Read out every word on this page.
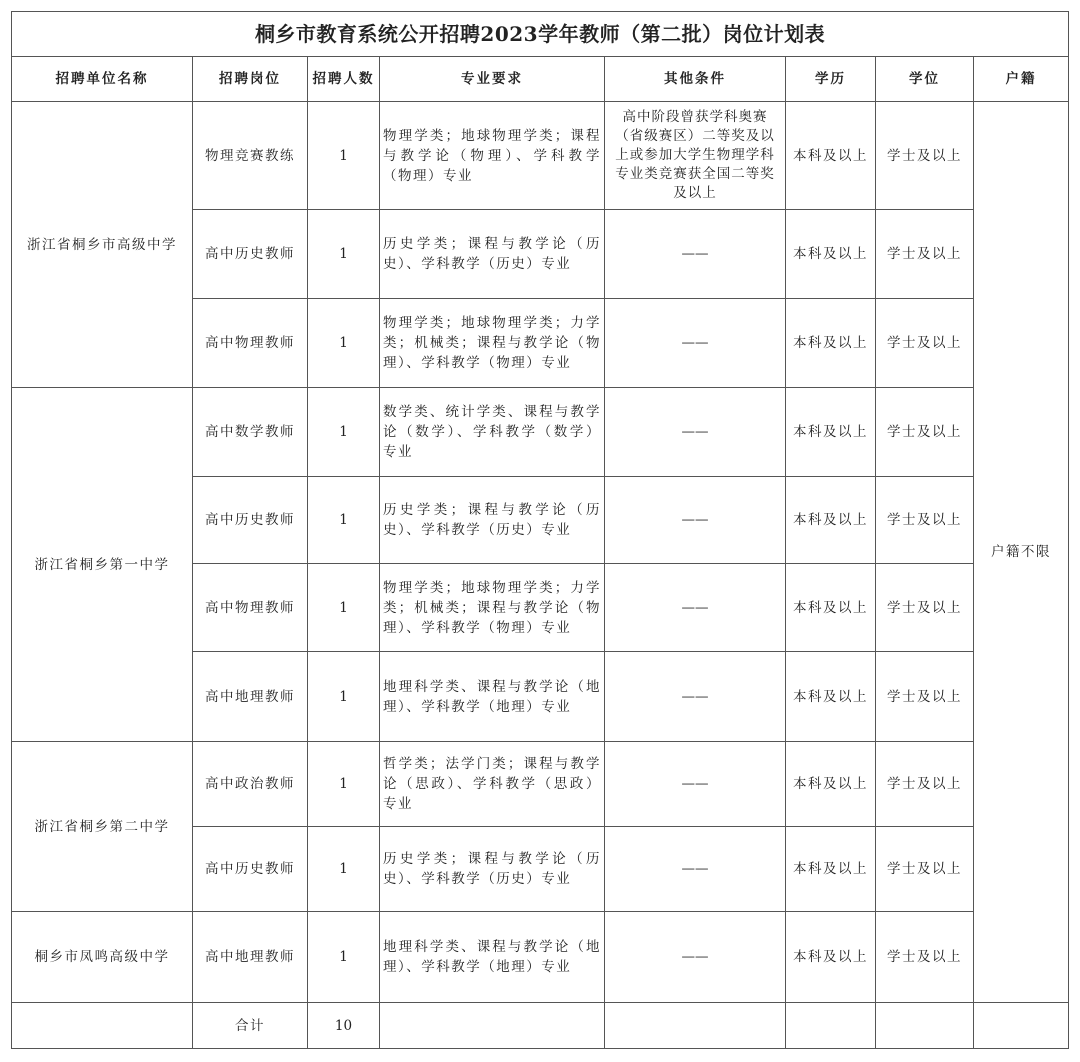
桐乡市教育系统公开招聘2023学年教师（第二批）岗位计划表							
招聘单位名称	招聘岗位	招聘人数	专业要求	其他条件	学历	学位	户籍
浙江省桐乡市高级中学	物理竞赛教练	1	物理学类；地球物理学类；课程与教学论（物理）、学科教学（物理）专业	高中阶段曾获学科奥赛（省级赛区）二等奖及以上或参加大学生物理学科专业类竞赛获全国二等奖及以上	本科及以上	学士及以上	户籍不限
	高中历史教师	1	历史学类；课程与教学论（历史）、学科教学（历史）专业	——	本科及以上	学士及以上	
	高中物理教师	1	物理学类；地球物理学类；力学类；机械类；课程与教学论（物理）、学科教学（物理）专业	——	本科及以上	学士及以上	
浙江省桐乡第一中学	高中数学教师	1	数学类、统计学类、课程与教学论（数学）、学科教学（数学）专业	——	本科及以上	学士及以上	
	高中历史教师	1	历史学类；课程与教学论（历史）、学科教学（历史）专业	——	本科及以上	学士及以上	
	高中物理教师	1	物理学类；地球物理学类；力学类；机械类；课程与教学论（物理）、学科教学（物理）专业	——	本科及以上	学士及以上	
	高中地理教师	1	地理科学类、课程与教学论（地理）、学科教学（地理）专业	——	本科及以上	学士及以上	
浙江省桐乡第二中学	高中政治教师	1	哲学类；法学门类；课程与教学论（思政）、学科教学（思政）专业	——	本科及以上	学士及以上	
	高中历史教师	1	历史学类；课程与教学论（历史）、学科教学（历史）专业	——	本科及以上	学士及以上	
桐乡市凤鸣高级中学	高中地理教师	1	地理科学类、课程与教学论（地理）、学科教学（地理）专业	——	本科及以上	学士及以上	
	合计	10					
